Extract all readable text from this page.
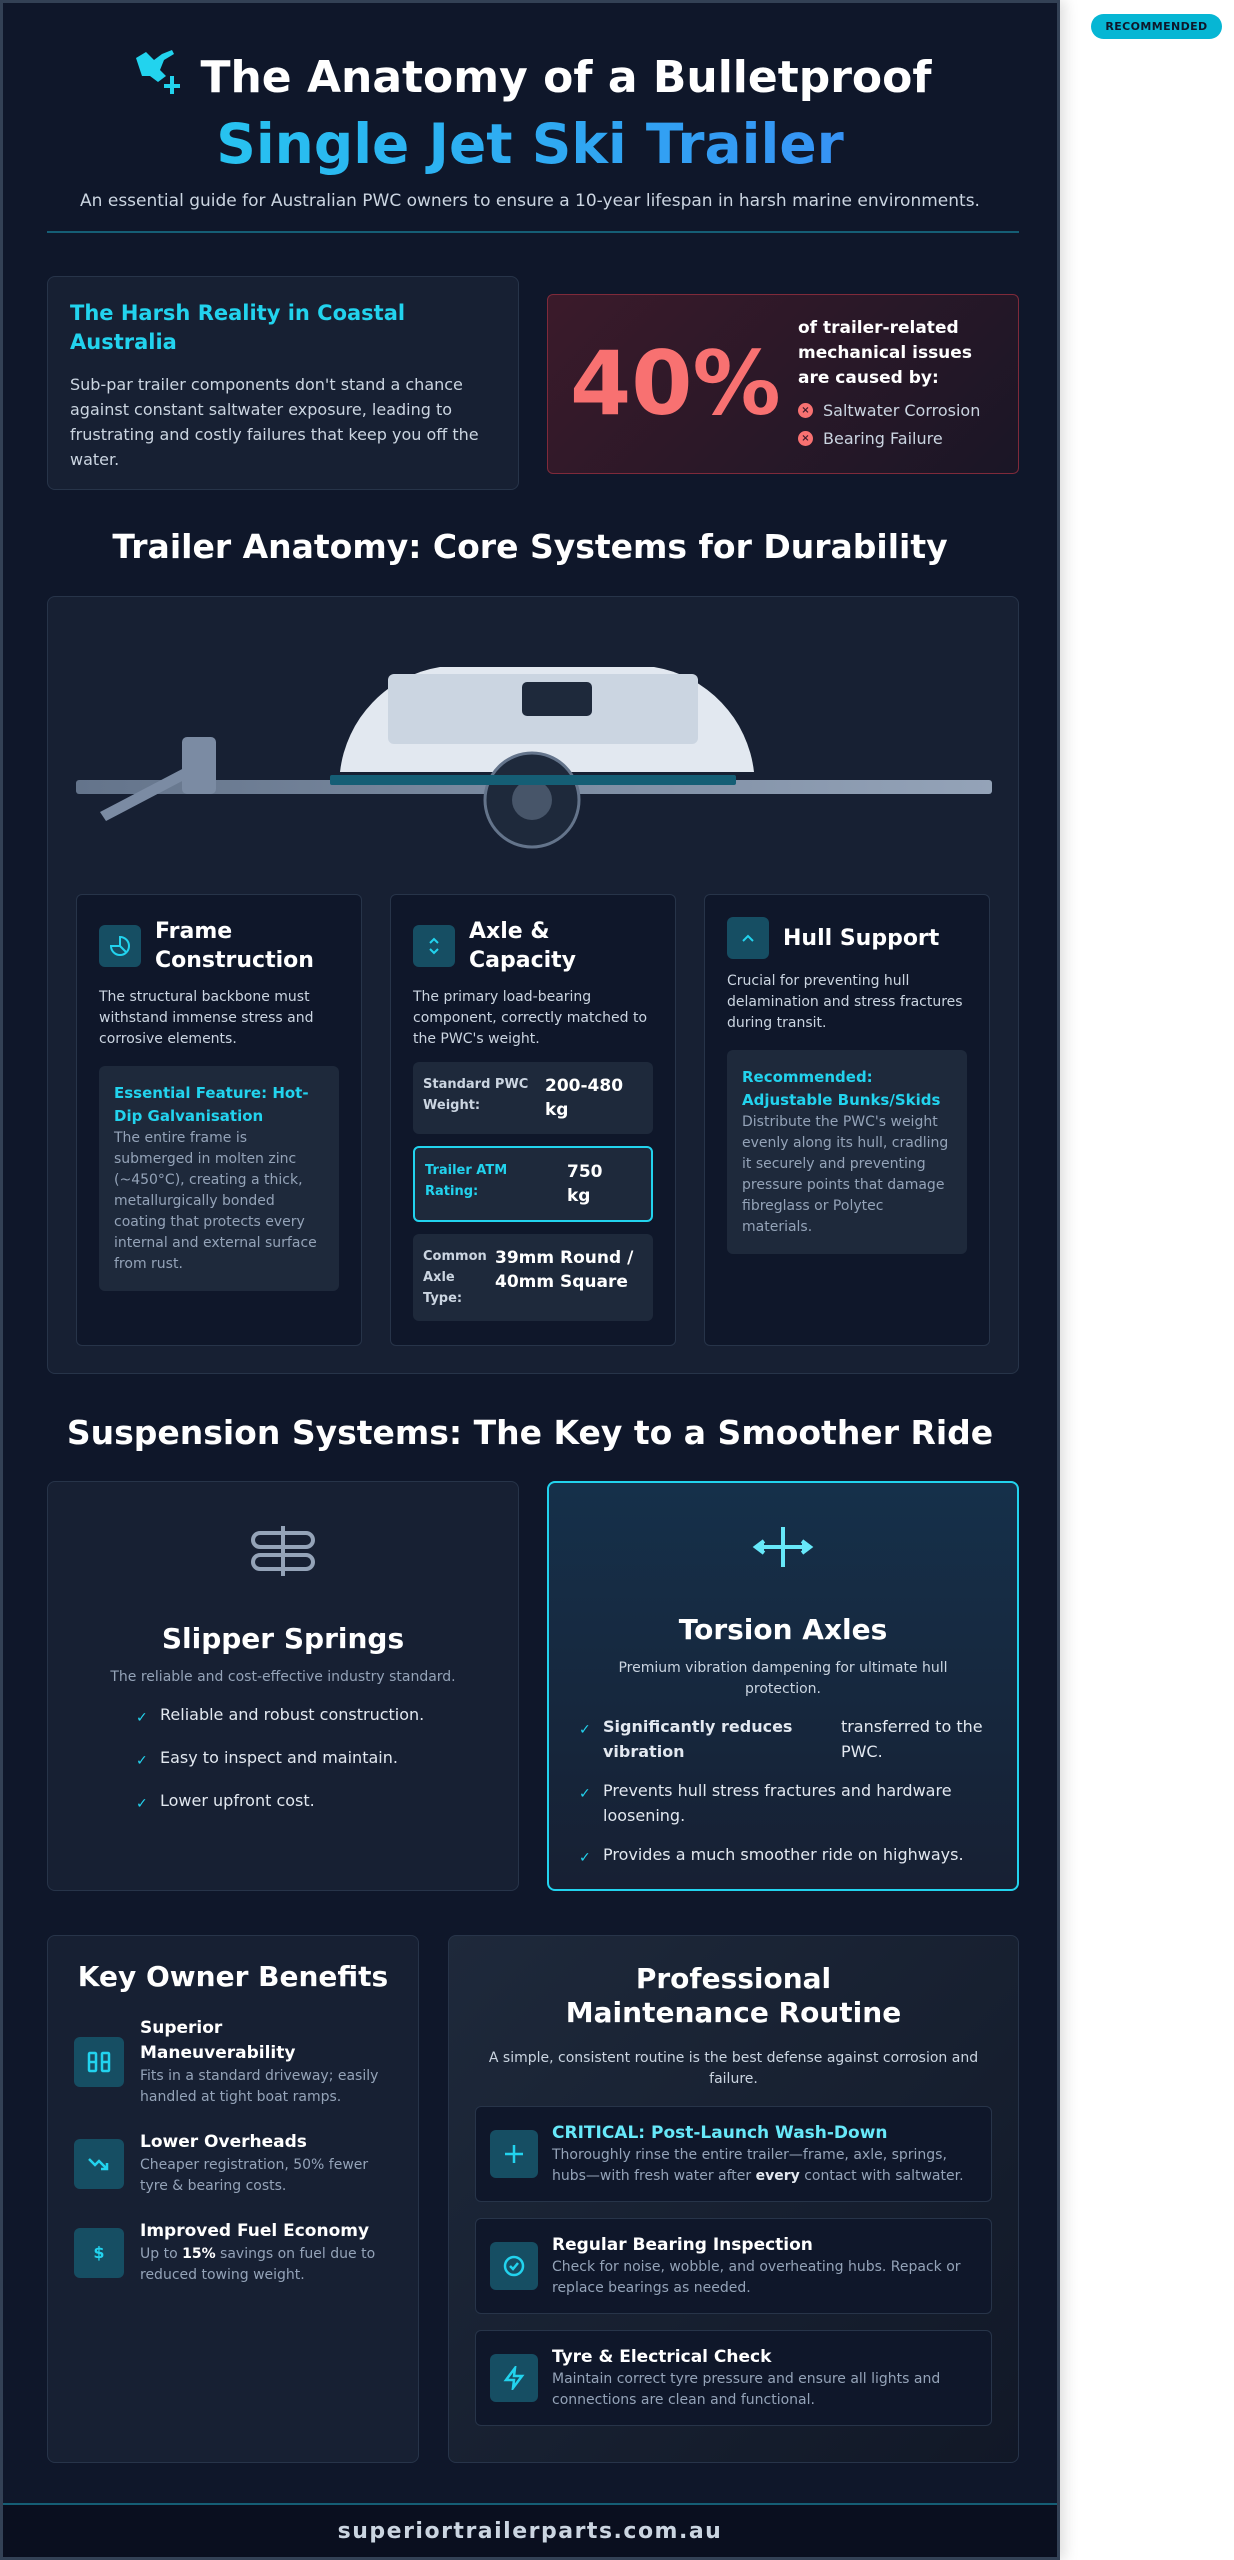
RECOMMENDED
The Anatomy of a Bulletproof
Single Jet Ski Trailer
An essential guide for Australian PWC owners to ensure a 10-year lifespan in harsh marine environments.
The Harsh Reality in Coastal Australia

Sub-par trailer components don't stand a chance against constant saltwater exposure, leading to frustrating and costly failures that keep you off the water.

40%
of trailer-related mechanical issues are caused by:
× Saltwater Corrosion
× Bearing Failure
Trailer Anatomy: Core Systems for Durability
Frame Construction

The structural backbone must withstand immense stress and corrosive elements.

Essential Feature: Hot-Dip Galvanisation
The entire frame is submerged in molten zinc (~450°C), creating a thick, metallurgically bonded coating that protects every internal and external surface from rust.
Axle & Capacity

The primary load-bearing component, correctly matched to the PWC's weight.

Standard PWC Weight:
200-480 kg
Trailer ATM Rating:
750 kg
Common Axle Type:
39mm Round / 40mm Square
Hull Support

Crucial for preventing hull delamination and stress fractures during transit.

Recommended: Adjustable Bunks/Skids
Distribute the PWC's weight evenly along its hull, cradling it securely and preventing pressure points that damage fibreglass or Polytec materials.
Suspension Systems: The Key to a Smoother Ride
Slipper Springs

The reliable and cost-effective industry standard.

✓ Reliable and robust construction.
✓ Easy to inspect and maintain.
✓ Lower upfront cost.
Torsion Axles

Premium vibration dampening for ultimate hull protection.

✓ Significantly reduces vibration
transferred to the PWC.
✓ Prevents hull stress fractures and hardware loosening.
✓ Provides a much smoother ride on highways.
Key Owner Benefits
Superior Maneuverability
Fits in a standard driveway; easily handled at tight boat ramps.
Lower Overheads
Cheaper registration, 50% fewer tyre & bearing costs.
$
Improved Fuel Economy
Up to 15% savings on fuel due to reduced towing weight.
Professional Maintenance Routine

A simple, consistent routine is the best defense against corrosion and failure.

CRITICAL: Post-Launch Wash-Down
Thoroughly rinse the entire trailer—frame, axle, springs, hubs—with fresh water after every contact with saltwater.
Regular Bearing Inspection
Check for noise, wobble, and overheating hubs. Repack or replace bearings as needed.
Tyre & Electrical Check
Maintain correct tyre pressure and ensure all lights and connections are clean and functional.
superiortrailerparts.com.au
